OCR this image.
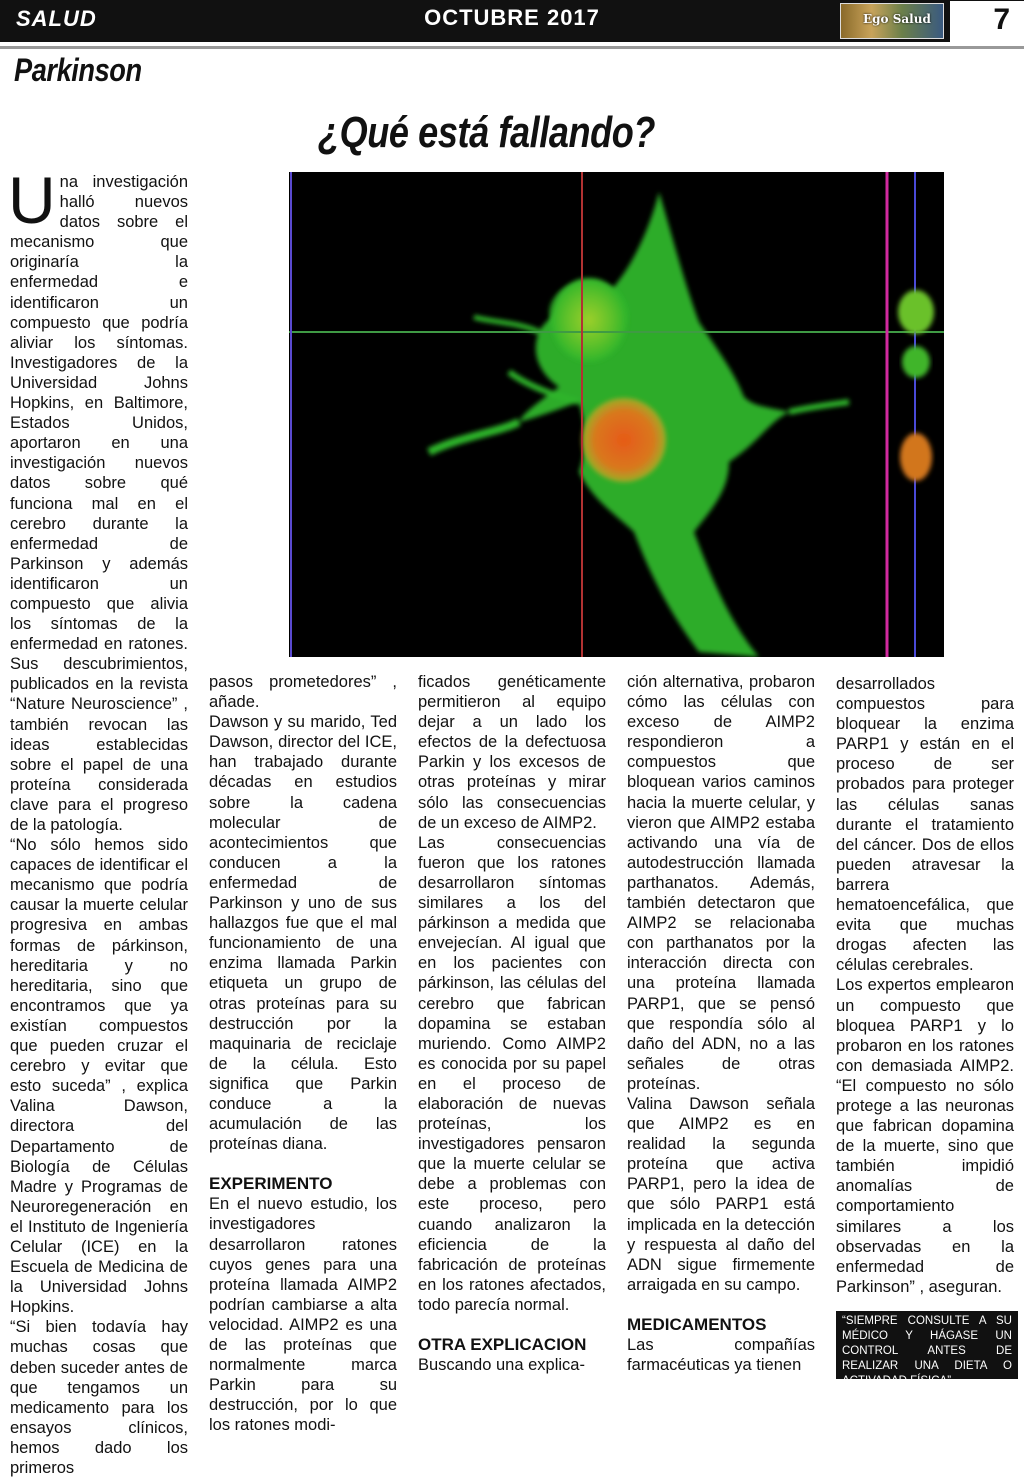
SALUD	OCTUBRE 2017	Ego Salud 7
Parkinson
¿Qué está fallando?

Una investigación halló nuevos datos sobre el mecanismo que originaría la enfermedad e identificaron un compuesto que podría aliviar los síntomas. Investigadores de la Universidad Johns Hopkins, en Baltimore, Estados Unidos, aportaron en una investigación nuevos datos sobre qué funciona mal en el cerebro durante la enfermedad de Parkinson y además identificaron un compuesto que alivia los síntomas de la enfermedad en ratones. Sus descubrimientos, publicados en la revista “Nature Neuroscience” , también revocan las ideas establecidas sobre el papel de una proteína considerada clave para el progreso de la patología.

“No sólo hemos sido capaces de identificar el mecanismo que podría causar la muerte celular progresiva en ambas formas de párkinson, hereditaria y no hereditaria, sino que encontramos que ya existían compuestos que pueden cruzar el cerebro y evitar que esto suceda” , explica Valina Dawson, directora del Departamento de Biología de Células Madre y Programas de Neuroregeneración en el Instituto de Ingeniería Celular (ICE) en la Escuela de Medicina de la Universidad Johns Hopkins.

“Si bien todavía hay muchas cosas que deben suceder antes de que tengamos un medicamento para los ensayos clínicos, hemos dado los primeros

pasos prometedores” , añade.

Dawson y su marido, Ted Dawson, director del ICE, han trabajado durante décadas en estudios sobre la cadena molecular de acontecimientos que conducen a la enfermedad de Parkinson y uno de sus hallazgos fue que el mal funcionamiento de una enzima llamada Parkin etiqueta un grupo de otras proteínas para su destrucción por la maquinaria de reciclaje de la célula. Esto significa que Parkin conduce a la acumulación de las proteínas diana.

EXPERIMENTO

En el nuevo estudio, los investigadores desarrollaron ratones cuyos genes para una proteína llamada AIMP2 podrían cambiarse a alta velocidad. AIMP2 es una de las proteínas que normalmente marca Parkin para su destrucción, por lo que los ratones modi-

ficados genéticamente permitieron al equipo dejar a un lado los efectos de la defectuosa Parkin y los excesos de otras proteínas y mirar sólo las consecuencias de un exceso de AIMP2.

Las consecuencias fueron que los ratones desarrollaron síntomas similares a los del párkinson a medida que envejecían. Al igual que en los pacientes con párkinson, las células del cerebro que fabrican dopamina se estaban muriendo. Como AIMP2 es conocida por su papel en el proceso de elaboración de nuevas proteínas, los investigadores pensaron que la muerte celular se debe a problemas con este proceso, pero cuando analizaron la eficiencia de la fabricación de proteínas en los ratones afectados, todo parecía normal.

OTRA EXPLICACION

Buscando una explica-

ción alternativa, probaron cómo las células con exceso de AIMP2 respondieron a compuestos que bloquean varios caminos hacia la muerte celular, y vieron que AIMP2 estaba activando una vía de autodestrucción llamada parthanatos. Además, también detectaron que AIMP2 se relacionaba con parthanatos por la interacción directa con una proteína llamada PARP1, que se pensó que respondía sólo al daño del ADN, no a las señales de otras proteínas.

Valina Dawson señala que AIMP2 es en realidad la segunda proteína que activa PARP1, pero la idea de que sólo PARP1 está implicada en la detección y respuesta al daño del ADN sigue firmemente arraigada en su campo.

MEDICAMENTOS

Las compañías farmacéuticas ya tienen

desarrollados compuestos para bloquear la enzima PARP1 y están en el proceso de ser probados para proteger las células sanas durante el tratamiento del cáncer. Dos de ellos pueden atravesar la barrera hematoencefálica, que evita que muchas drogas afecten las células cerebrales.

Los expertos emplearon un compuesto que bloquea PARP1 y lo probaron en los ratones con demasiada AIMP2. “El compuesto no sólo protege a las neuronas que fabrican dopamina de la muerte, sino que también impidió anomalías de comportamiento similares a los observadas en la enfermedad de Parkinson” , aseguran.

“SIEMPRE CONSULTE A SU MÉDICO Y HÁGASE UN CONTROL ANTES DE REALIZAR UNA DIETA O ACTIVADAD FÍSICA”
